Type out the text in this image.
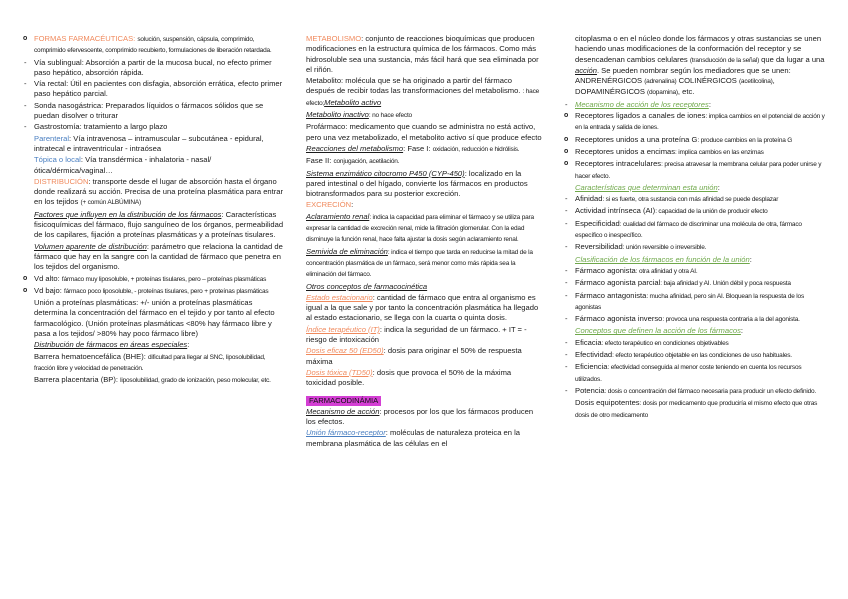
o FORMAS FARMACÉUTICAS: solución, suspensión, cápsula, comprimido, comprimido efervescente, comprimido recubierto, formulaciones de liberación retardada.
- Vía sublingual: Absorción a partir de la mucosa bucal, no efecto primer paso hepático, absorción rápida.
- Vía rectal: Útil en pacientes con disfagia, absorción errática, efecto primer paso hepático parcial.
- Sonda nasogástrica: Preparados líquidos o fármacos sólidos que se puedan disolver o triturar
- Gastrostomía: tratamiento a largo plazo
Parenteral: Vía intravenosa – intramuscular – subcutánea - epidural, intratecal e intraventricular - intraósea
Tópica o local: Vía transdérmica - inhalatoria - nasal/ótica/dérmica/vaginal…
DISTRIBUCIÓN: transporte desde el lugar de absorción hasta el órgano donde realizará su acción. Precisa de una proteína plasmática para entrar en los tejidos (+ común ALBÚMINA)
Factores que influyen en la distribución de los fármacos: Características fisicoquímicas del fármaco, flujo sanguíneo de los órganos, permeabilidad de los capilares, fijación a proteínas plasmáticas y a proteínas tisulares.
Volumen aparente de distribución: parámetro que relaciona la cantidad de fármaco que hay en la sangre con la cantidad de fármaco que penetra en los tejidos del organismo.
o Vd alto: fármaco muy liposoluble, + proteínas tisulares, pero – proteínas plasmáticas
o Vd bajo: fármaco poco liposoluble, - proteínas tisulares, pero + proteínas plasmáticas
Unión a proteínas plasmáticas: +/- unión a proteínas plasmáticas determina la concentración del fármaco en el tejido y por tanto al efecto farmacológico. (Unión proteínas plasmáticas <80% hay fármaco libre y pasa a los tejidos/ >80% hay poco fármaco libre)
Distribución de fármacos en áreas especiales:
Barrera hematoencefálica (BHE): dificultad para llegar al SNC, liposolubilidad, fracción libre y velocidad de penetración.
Barrera placentaria (BP): liposolubilidad, grado de ionización, peso molecular, etc.
METABOLISMO: conjunto de reacciones bioquímicas que producen modificaciones en la estructura química de los fármacos. Como más hidrosoluble sea una sustancia, más fácil hará que sea eliminada por el riñón.
Metabolito: molécula que se ha originado a partir del fármaco después de recibir todas las transformaciones del metabolismo. : hace efecto;Metabolito activo
Metabolito inactivo: no hace efecto
Profármaco: medicamento que cuando se administra no está activo, pero una vez metabolizado, el metabolito activo sí que produce efecto
Reacciones del metabolismo: Fase I: oxidación, reducción e hidrólisis.
Fase II: conjugación, acetilación.
Sistema enzimático citocromo P450 (CYP-450): localizado en la pared intestinal o del hígado, convierte los fármacos en productos biotransformados para su posterior excreción.
EXCRECIÓN:
Aclaramiento renal: indica la capacidad para eliminar el fármaco y se utiliza para expresar la cantidad de excreción renal, mide la filtración glomerular. Con la edad disminuye la función renal, hace falta ajustar la dosis según aclaramiento renal.
Semivida de eliminación: indica el tiempo que tarda en reducirse la mitad de la concentración plasmática de un fármaco, será menor como más rápida sea la eliminación del fármaco.
Otros conceptos de farmacocinética
Estado estacionario: cantidad de fármaco que entra al organismo es igual a la que sale y por tanto la concentración plasmática ha llegado al estado estacionario, se llega con la cuarta o quinta dosis.
Índice terapéutico (IT): indica la seguridad de un fármaco. + IT = - riesgo de intoxicación
Dosis eficaz 50 (ED50): dosis para originar el 50% de respuesta máxima
Dosis tóxica (TD50): dosis que provoca el 50% de la máxima toxicidad posible.
FARMACODINÁMIA
Mecanismo de acción: procesos por los que los fármacos producen los efectos.
Unión fármaco-receptor: moléculas de naturaleza proteica en la membrana plasmática de las células en el
citoplasma o en el núcleo donde los fármacos y otras sustancias se unen haciendo unas modificaciones de la conformación del receptor y se desencadenan cambios celulares (transducción de la señal) que da lugar a una acción. Se pueden nombrar según los mediadores que se unen: ANDRENÉRGICOS (adrenalina) COLINÉRGICOS (acetilcolina), DOPAMINÉRGICOS (dopamina), etc.
- Mecanismo de acción de los receptores:
o Receptores ligados a canales de iones: implica cambios en el potencial de acción y en la entrada y salida de iones.
o Receptores unidos a una proteína G: produce cambios en la proteína G
o Receptores unidos a encimas: implica cambios en las enzimas
o Receptores intracelulares: precisa atravesar la membrana celular para poder unirse y hacer efecto.
Características que determinan esta unión:
- Afinidad: si es fuerte, otra sustancia con más afinidad se puede desplazar
- Actividad intrínseca (AI): capacidad de la unión de producir efecto
- Especificidad: cualidad del fármaco de discriminar una molécula de otra, fármaco específico o inespecífico.
- Reversibilidad: unión reversible o irreversible.
Clasificación de los fármacos en función de la unión:
- Fármaco agonista: otra afinidad y otra AI.
- Fármaco agonista parcial: baja afinidad y AI. Unión débil y poca respuesta
- Fármaco antagonista: mucha afinidad, pero sin AI. Bloquean la respuesta de los agonistas
- Fármaco agonista inverso: provoca una respuesta contraria a la del agonista.
Conceptos que definen la acción de los fármacos:
- Eficacia: efecto terapéutico en condiciones objetivables
- Efectividad: efecto terapéutico objetable en las condiciones de uso habituales.
- Eficiencia: efectividad conseguida al menor coste teniendo en cuenta los recursos utilizados.
- Potencia: dosis o concentración del fármaco necesaria para producir un efecto definido.
Dosis equipotentes: dosis por medicamento que produciría el mismo efecto que otras dosis de otro medicamento
